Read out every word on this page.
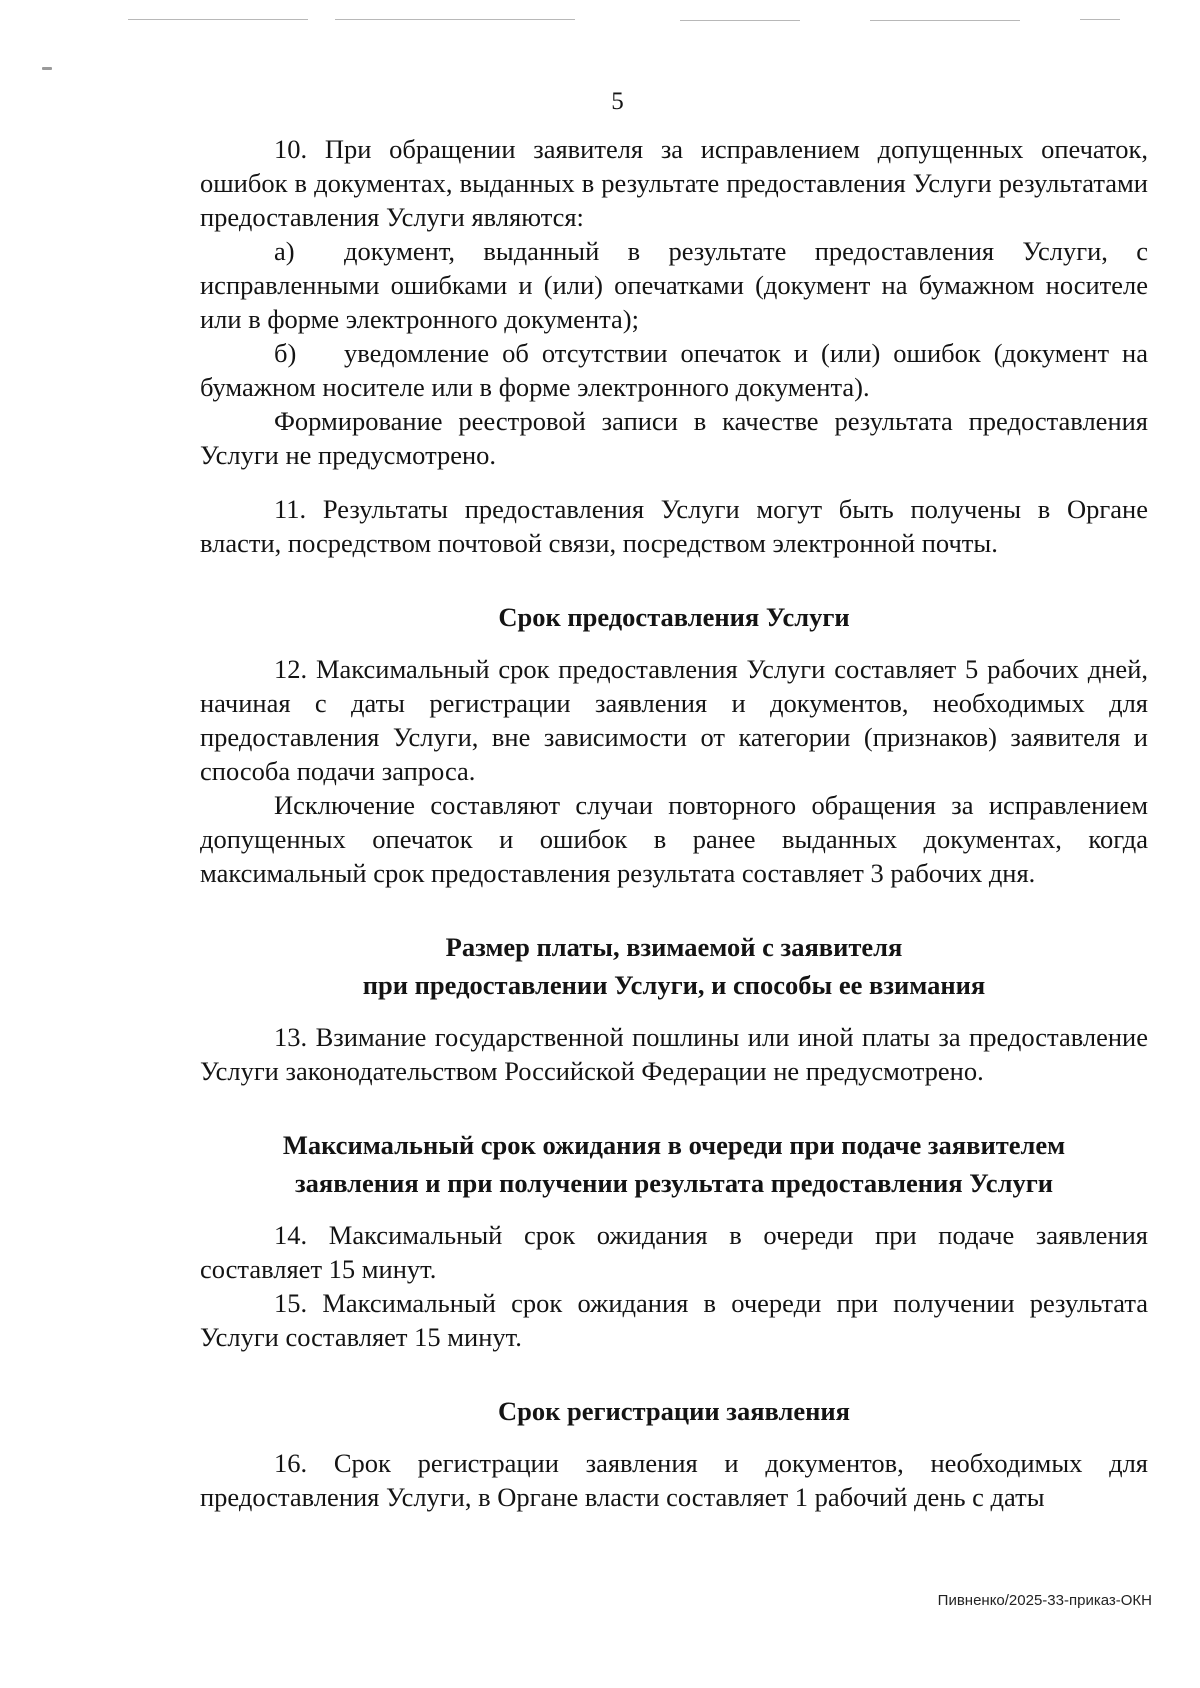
5

10. При обращении заявителя за исправлением допущенных опечаток, ошибок в документах, выданных в результате предоставления Услуги результатами предоставления Услуги являются:

а) документ, выданный в результате предоставления Услуги, с исправленными ошибками и (или) опечатками (документ на бумажном носителе или в форме электронного документа);

б) уведомление об отсутствии опечаток и (или) ошибок (документ на бумажном носителе или в форме электронного документа).

Формирование реестровой записи в качестве результата предоставления Услуги не предусмотрено.

11. Результаты предоставления Услуги могут быть получены в Органе власти, посредством почтовой связи, посредством электронной почты.

Срок предоставления Услуги

12. Максимальный срок предоставления Услуги составляет 5 рабочих дней, начиная с даты регистрации заявления и документов, необходимых для предоставления Услуги, вне зависимости от категории (признаков) заявителя и способа подачи запроса.

Исключение составляют случаи повторного обращения за исправлением допущенных опечаток и ошибок в ранее выданных документах, когда максимальный срок предоставления результата составляет 3 рабочих дня.

Размер платы, взимаемой с заявителя
при предоставлении Услуги, и способы ее взимания

13. Взимание государственной пошлины или иной платы за предоставление Услуги законодательством Российской Федерации не предусмотрено.

Максимальный срок ожидания в очереди при подаче заявителем
заявления и при получении результата предоставления Услуги

14. Максимальный срок ожидания в очереди при подаче заявления составляет 15 минут.

15. Максимальный срок ожидания в очереди при получении результата Услуги составляет 15 минут.

Срок регистрации заявления

16. Срок регистрации заявления и документов, необходимых для предоставления Услуги, в Органе власти составляет 1 рабочий день с даты

Пивненко/2025-33-приказ-ОКН
